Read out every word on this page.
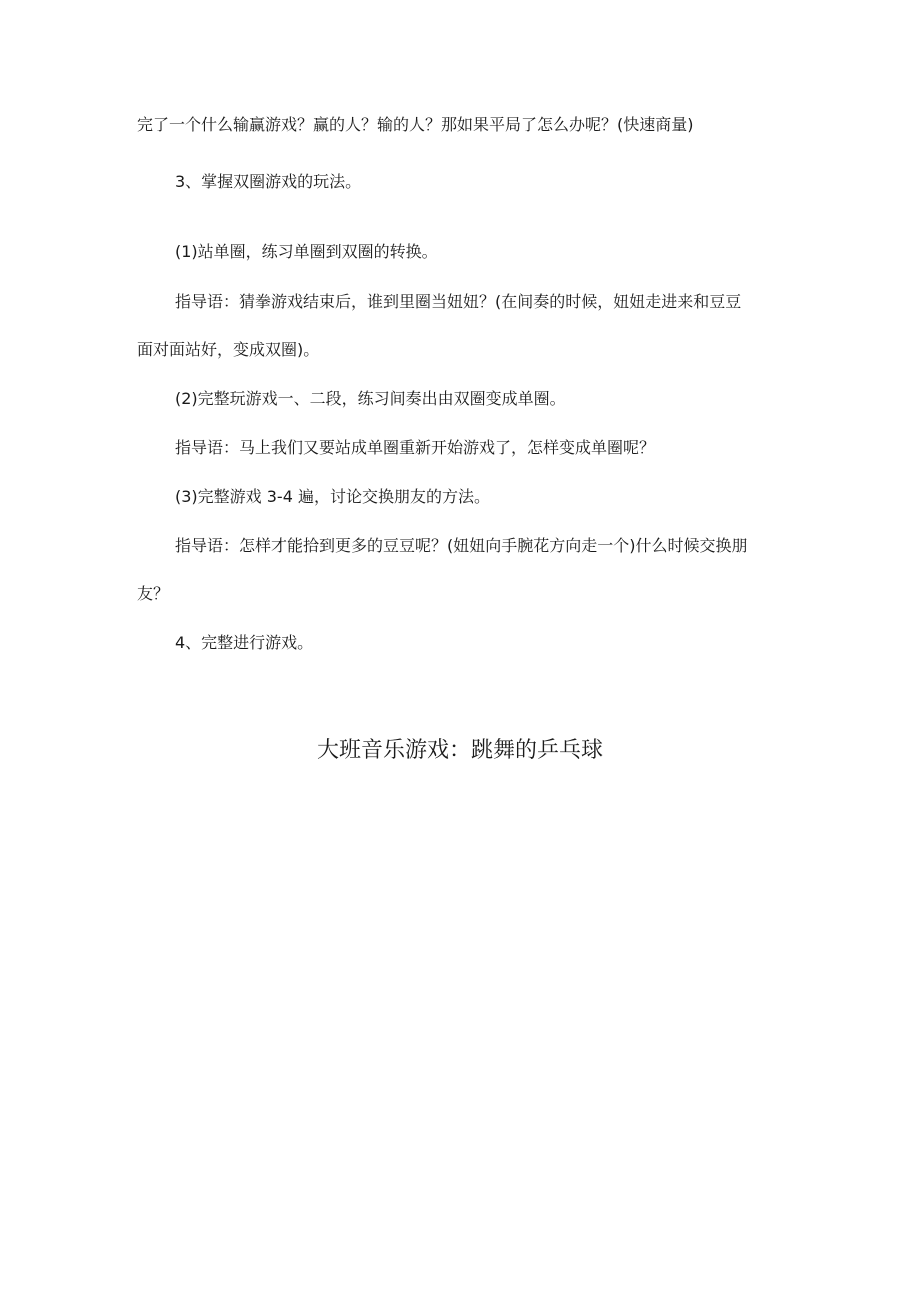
完了一个什么输赢游戏？赢的人？输的人？那如果平局了怎么办呢？(快速商量)
3、掌握双圈游戏的玩法。
(1)站单圈，练习单圈到双圈的转换。
指导语：猜拳游戏结束后，谁到里圈当妞妞？(在间奏的时候，妞妞走进来和豆豆
面对面站好，变成双圈)。
(2)完整玩游戏一、二段，练习间奏出由双圈变成单圈。
指导语：马上我们又要站成单圈重新开始游戏了，怎样变成单圈呢？
(3)完整游戏 3-4 遍，讨论交换朋友的方法。
指导语：怎样才能拾到更多的豆豆呢？(妞妞向手腕花方向走一个)什么时候交换朋
友？
4、完整进行游戏。
大班音乐游戏：跳舞的乒乓球
